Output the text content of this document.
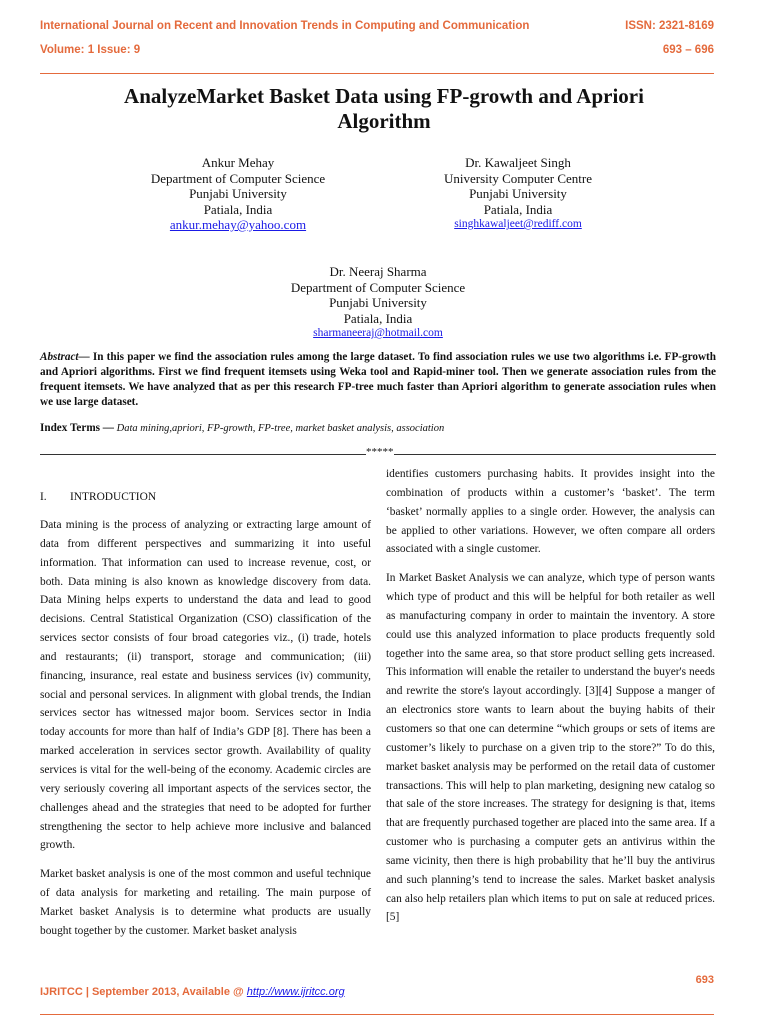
International Journal on Recent and Innovation Trends in Computing and Communication	ISSN: 2321-8169
Volume: 1 Issue: 9	693 – 696
AnalyzeMarket Basket Data using FP-growth and Apriori
Algorithm
Ankur Mehay
Department of Computer Science
Punjabi University
Patiala, India
ankur.mehay@yahoo.com
Dr. Kawaljeet Singh
University Computer Centre
Punjabi University
Patiala, India
singhkawaljeet@rediff.com
Dr. Neeraj Sharma
Department of Computer Science
Punjabi University
Patiala, India
sharmaneeraj@hotmail.com
Abstract— In this paper we find the association rules among the large dataset. To find association rules we use two algorithms i.e. FP-growth and Apriori algorithms. First we find frequent itemsets using Weka tool and Rapid-miner tool. Then we generate association rules from the frequent itemsets. We have analyzed that as per this research FP-tree much faster than Apriori algorithm to generate association rules when we use large dataset.
Index Terms — Data mining,apriori, FP-growth, FP-tree, market basket analysis, association
*****
I. INTRODUCTION

Data mining is the process of analyzing or extracting large amount of data from different perspectives and summarizing it into useful information. That information can used to increase revenue, cost, or both. Data mining is also known as knowledge discovery from data. Data Mining helps experts to understand the data and lead to good decisions. Central Statistical Organization (CSO) classification of the services sector consists of four broad categories viz., (i) trade, hotels and restaurants; (ii) transport, storage and communication; (iii) financing, insurance, real estate and business services (iv) community, social and personal services. In alignment with global trends, the Indian services sector has witnessed major boom. Services sector in India today accounts for more than half of India’s GDP [8]. There has been a marked acceleration in services sector growth. Availability of quality services is vital for the well-being of the economy. Academic circles are very seriously covering all important aspects of the services sector, the challenges ahead and the strategies that need to be adopted for further strengthening the sector to help achieve more inclusive and balanced growth.

Market basket analysis is one of the most common and useful technique of data analysis for marketing and retailing. The main purpose of Market basket Analysis is to determine what products are usually bought together by the customer. Market basket analysis

identifies customers purchasing habits. It provides insight into the combination of products within a customer’s ‘basket’. The term ‘basket’ normally applies to a single order. However, the analysis can be applied to other variations. However, we often compare all orders associated with a single customer.

In Market Basket Analysis we can analyze, which type of person wants which type of product and this will be helpful for both retailer as well as manufacturing company in order to maintain the inventory. A store could use this analyzed information to place products frequently sold together into the same area, so that store product selling gets increased. This information will enable the retailer to understand the buyer's needs and rewrite the store's layout accordingly. [3][4] Suppose a manger of an electronics store wants to learn about the buying habits of their customers so that one can determine “which groups or sets of items are customer’s likely to purchase on a given trip to the store?” To do this, market basket analysis may be performed on the retail data of customer transactions. This will help to plan marketing, designing new catalog so that sale of the store increases. The strategy for designing is that, items that are frequently purchased together are placed into the same area. If a customer who is purchasing a computer gets an antivirus within the same vicinity, then there is high probability that he’ll buy the antivirus and such planning’s tend to increase the sales. Market basket analysis can also help retailers plan which items to put on sale at reduced prices. [5]

693
IJRITCC | September 2013, Available @ http://www.ijritcc.org
